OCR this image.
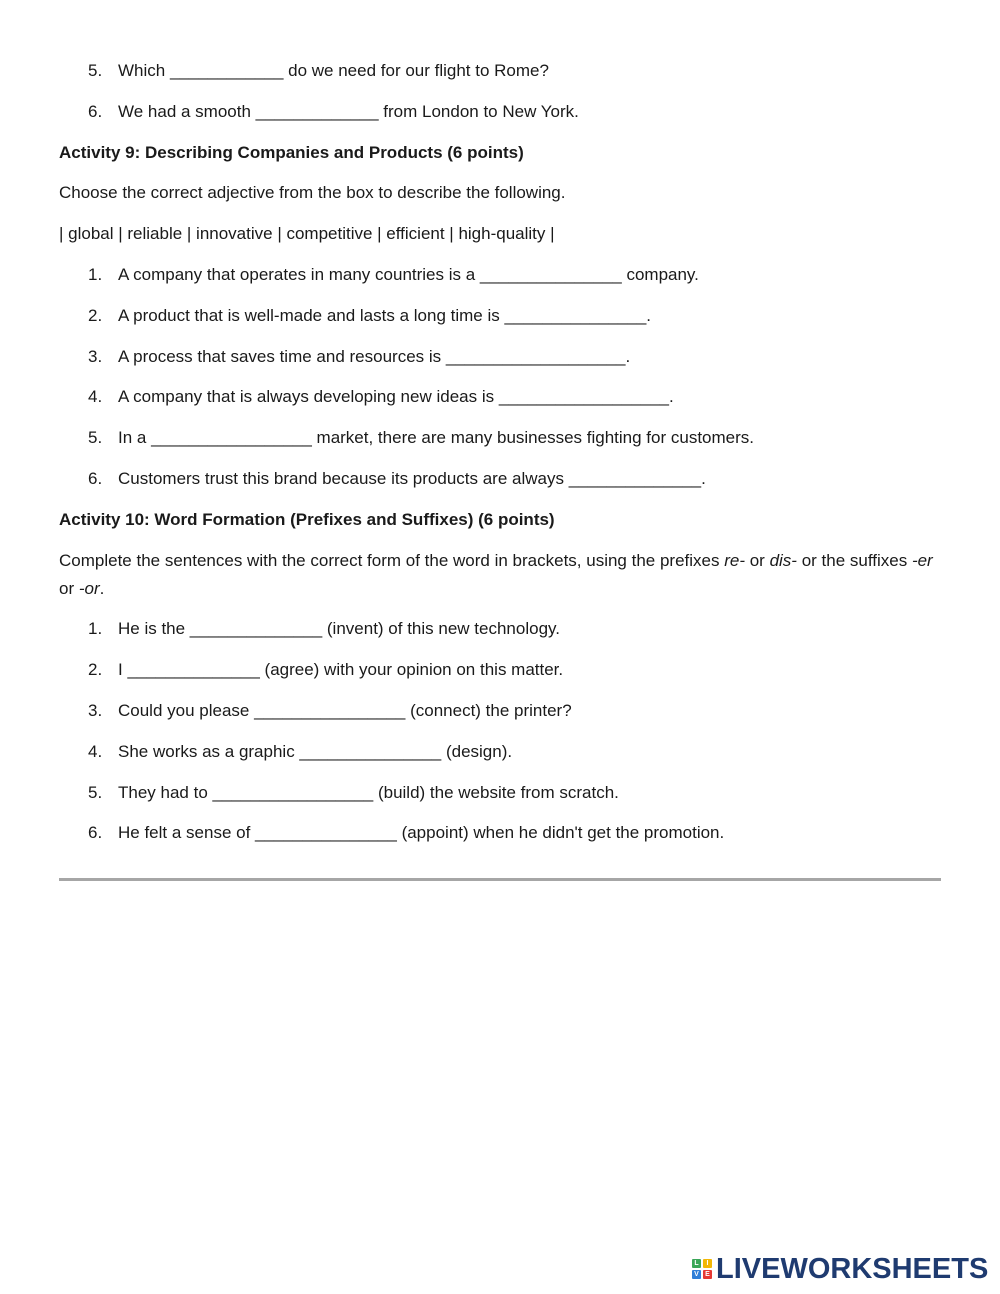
5. Which ____________ do we need for our flight to Rome?
6. We had a smooth _____________ from London to New York.
Activity 9: Describing Companies and Products (6 points)
Choose the correct adjective from the box to describe the following.
| global | reliable | innovative | competitive | efficient | high-quality |
1. A company that operates in many countries is a _______________ company.
2. A product that is well-made and lasts a long time is _______________.
3. A process that saves time and resources is ___________________.
4. A company that is always developing new ideas is __________________.
5. In a _________________ market, there are many businesses fighting for customers.
6. Customers trust this brand because its products are always ______________.
Activity 10: Word Formation (Prefixes and Suffixes) (6 points)
Complete the sentences with the correct form of the word in brackets, using the prefixes re- or dis- or the suffixes -er or -or.
1. He is the ______________ (invent) of this new technology.
2. I ______________ (agree) with your opinion on this matter.
3. Could you please ________________ (connect) the printer?
4. She works as a graphic _______________ (design).
5. They had to _________________ (build) the website from scratch.
6. He felt a sense of _______________ (appoint) when he didn't get the promotion.
L	I
V E LIVEWORKSHEETS
